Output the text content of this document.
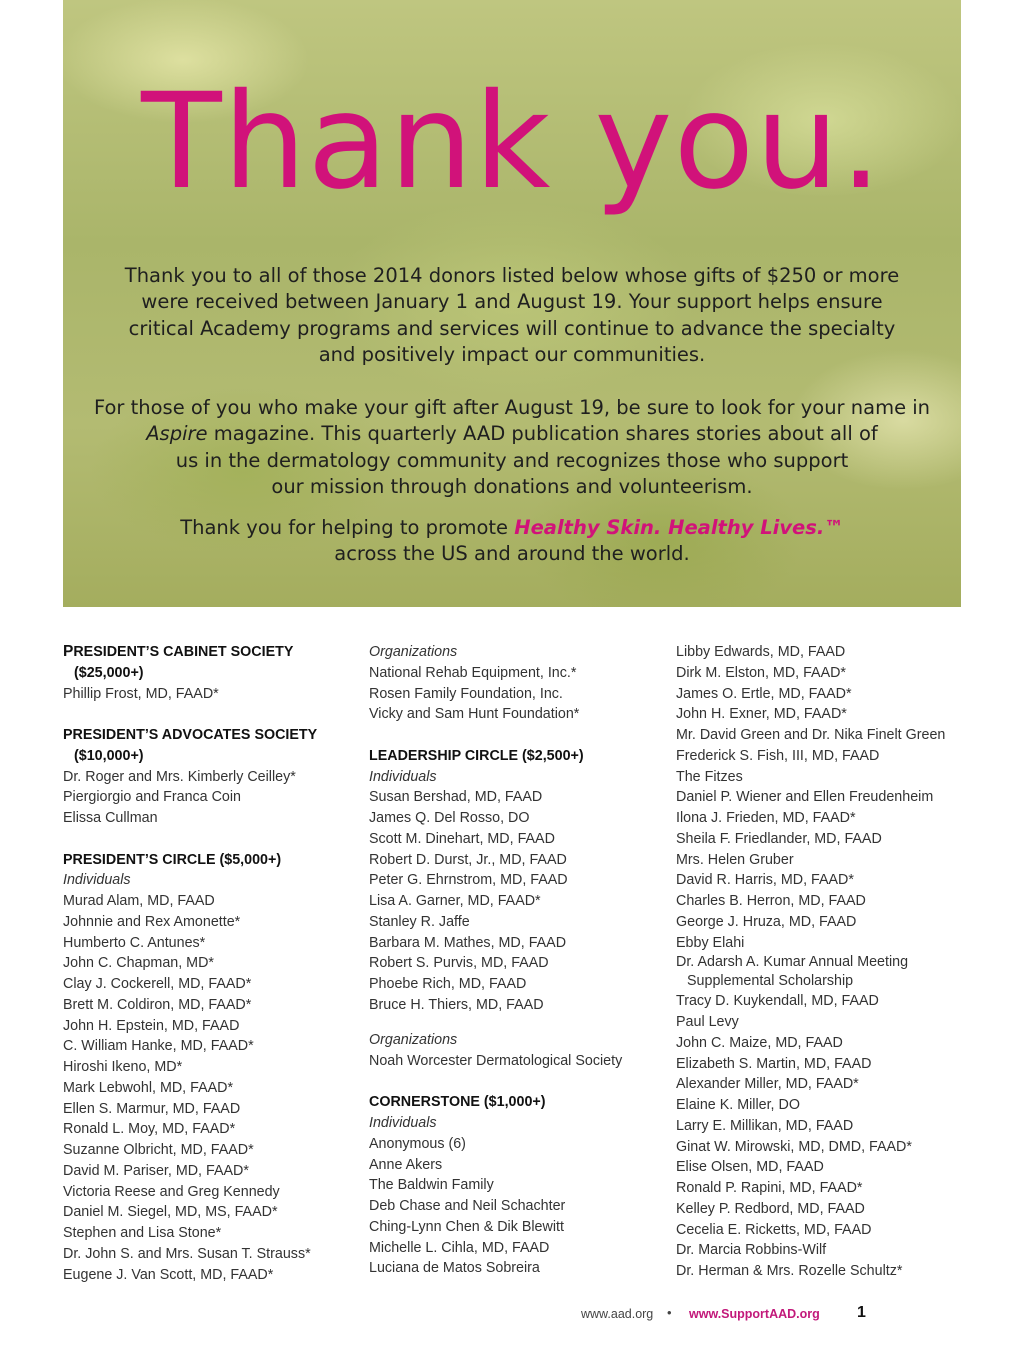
Thank you.
Thank you to all of those 2014 donors listed below whose gifts of $250 or more
were received between January 1 and August 19. Your support helps ensure
critical Academy programs and services will continue to advance the specialty
and positively impact our communities.
For those of you who make your gift after August 19, be sure to look for your name in
Aspire magazine. This quarterly AAD publication shares stories about all of
us in the dermatology community and recognizes those who support
our mission through donations and volunteerism.
Thank you for helping to promote Healthy Skin. Healthy Lives.™
across the US and around the world.
PRESIDENT’S CABINET SOCIETY
($25,000+)
Phillip Frost, MD, FAAD*
PRESIDENT’S ADVOCATES SOCIETY
($10,000+)
Dr. Roger and Mrs. Kimberly Ceilley*
Piergiorgio and Franca Coin
Elissa Cullman
PRESIDENT’S CIRCLE ($5,000+)
Individuals
Murad Alam, MD, FAAD
Johnnie and Rex Amonette*
Humberto C. Antunes*
John C. Chapman, MD*
Clay J. Cockerell, MD, FAAD*
Brett M. Coldiron, MD, FAAD*
John H. Epstein, MD, FAAD
C. William Hanke, MD, FAAD*
Hiroshi Ikeno, MD*
Mark Lebwohl, MD, FAAD*
Ellen S. Marmur, MD, FAAD
Ronald L. Moy, MD, FAAD*
Suzanne Olbricht, MD, FAAD*
David M. Pariser, MD, FAAD*
Victoria Reese and Greg Kennedy
Daniel M. Siegel, MD, MS, FAAD*
Stephen and Lisa Stone*
Dr. John S. and Mrs. Susan T. Strauss*
Eugene J. Van Scott, MD, FAAD*
Organizations
National Rehab Equipment, Inc.*
Rosen Family Foundation, Inc.
Vicky and Sam Hunt Foundation*
LEADERSHIP CIRCLE ($2,500+)
Individuals
Susan Bershad, MD, FAAD
James Q. Del Rosso, DO
Scott M. Dinehart, MD, FAAD
Robert D. Durst, Jr., MD, FAAD
Peter G. Ehrnstrom, MD, FAAD
Lisa A. Garner, MD, FAAD*
Stanley R. Jaffe
Barbara M. Mathes, MD, FAAD
Robert S. Purvis, MD, FAAD
Phoebe Rich, MD, FAAD
Bruce H. Thiers, MD, FAAD
Organizations
Noah Worcester Dermatological Society
CORNERSTONE ($1,000+)
Individuals
Anonymous (6)
Anne Akers
The Baldwin Family
Deb Chase and Neil Schachter
Ching-Lynn Chen & Dik Blewitt
Michelle L. Cihla, MD, FAAD
Luciana de Matos Sobreira
Libby Edwards, MD, FAAD
Dirk M. Elston, MD, FAAD*
James O. Ertle, MD, FAAD*
John H. Exner, MD, FAAD*
Mr. David Green and Dr. Nika Finelt Green
Frederick S. Fish, III, MD, FAAD
The Fitzes
Daniel P. Wiener and Ellen Freudenheim
Ilona J. Frieden, MD, FAAD*
Sheila F. Friedlander, MD, FAAD
Mrs. Helen Gruber
David R. Harris, MD, FAAD*
Charles B. Herron, MD, FAAD
George J. Hruza, MD, FAAD
Ebby Elahi
Dr. Adarsh A. Kumar Annual Meeting
Supplemental Scholarship
Tracy D. Kuykendall, MD, FAAD
Paul Levy
John C. Maize, MD, FAAD
Elizabeth S. Martin, MD, FAAD
Alexander Miller, MD, FAAD*
Elaine K. Miller, DO
Larry E. Millikan, MD, FAAD
Ginat W. Mirowski, MD, DMD, FAAD*
Elise Olsen, MD, FAAD
Ronald P. Rapini, MD, FAAD*
Kelley P. Redbord, MD, FAAD
Cecelia E. Ricketts, MD, FAAD
Dr. Marcia Robbins-Wilf
Dr. Herman & Mrs. Rozelle Schultz*
www.aad.org • www.SupportAAD.org 1
